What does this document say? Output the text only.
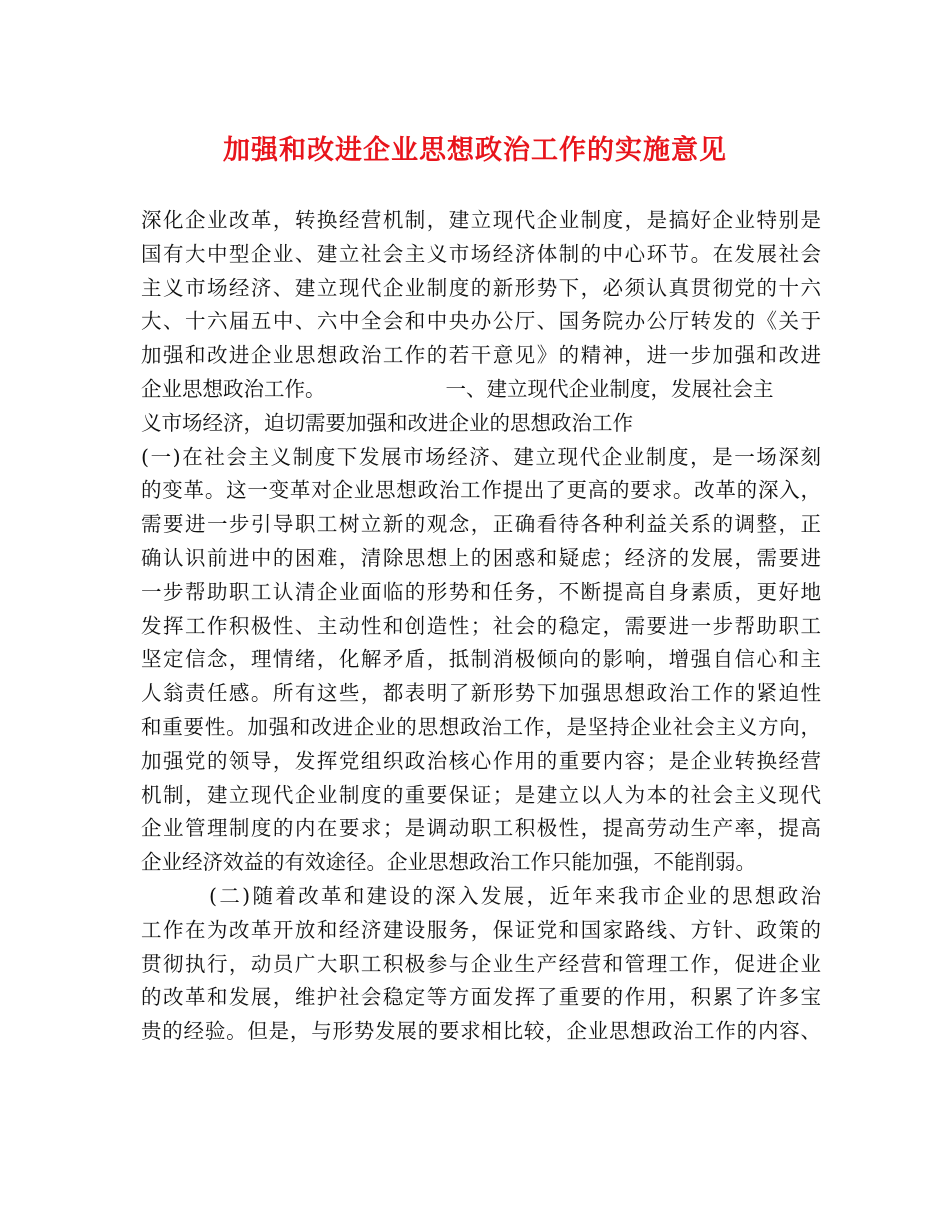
加强和改进企业思想政治工作的实施意见
深化企业改革，转换经营机制，建立现代企业制度，是搞好企业特别是
国有大中型企业、建立社会主义市场经济体制的中心环节。在发展社会
主义市场经济、建立现代企业制度的新形势下，必须认真贯彻党的十六
大、十六届五中、六中全会和中央办公厅、国务院办公厅转发的《关于
加强和改进企业思想政治工作的若干意见》的精神，进一步加强和改进
企业思想政治工作。	一、建立现代企业制度，发展社会主
义市场经济，迫切需要加强和改进企业的思想政治工作
(一)在社会主义制度下发展市场经济、建立现代企业制度，是一场深刻
的变革。这一变革对企业思想政治工作提出了更高的要求。改革的深入，
需要进一步引导职工树立新的观念，正确看待各种利益关系的调整，正
确认识前进中的困难，清除思想上的困惑和疑虑；经济的发展，需要进
一步帮助职工认清企业面临的形势和任务，不断提高自身素质，更好地
发挥工作积极性、主动性和创造性；社会的稳定，需要进一步帮助职工
坚定信念，理情绪，化解矛盾，抵制消极倾向的影响，增强自信心和主
人翁责任感。所有这些，都表明了新形势下加强思想政治工作的紧迫性
和重要性。加强和改进企业的思想政治工作，是坚持企业社会主义方向，
加强党的领导，发挥党组织政治核心作用的重要内容；是企业转换经营
机制，建立现代企业制度的重要保证；是建立以人为本的社会主义现代
企业管理制度的内在要求；是调动职工积极性，提高劳动生产率，提高
企业经济效益的有效途径。企业思想政治工作只能加强，不能削弱。
(二)随着改革和建设的深入发展，近年来我市企业的思想政治
工作在为改革开放和经济建设服务，保证党和国家路线、方针、政策的
贯彻执行，动员广大职工积极参与企业生产经营和管理工作，促进企业
的改革和发展，维护社会稳定等方面发挥了重要的作用，积累了许多宝
贵的经验。但是，与形势发展的要求相比较，企业思想政治工作的内容、
